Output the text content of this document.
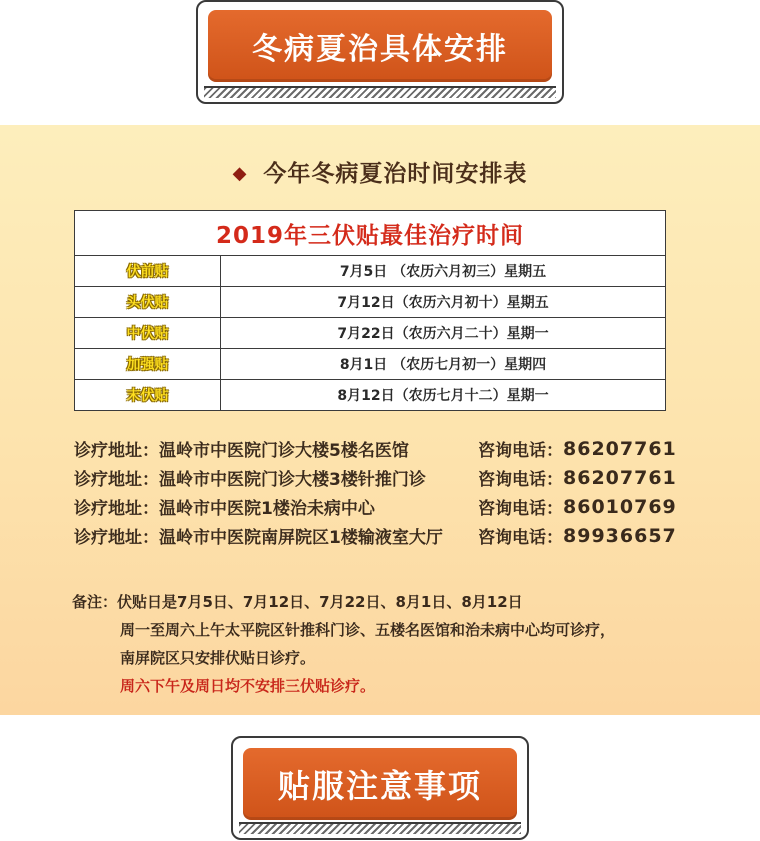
冬病夏治具体安排
◆ 今年冬病夏治时间安排表
2019年三伏贴最佳治疗时间	
伏前贴	7月5日 （农历六月初三）星期五
头伏贴	7月12日（农历六月初十）星期五
中伏贴	7月22日（农历六月二十）星期一
加强贴	8月1日 （农历七月初一）星期四
末伏贴	8月12日（农历七月十二）星期一
诊疗地址：温岭市中医院门诊大楼5楼名医馆	咨询电话： 86207761
诊疗地址：温岭市中医院门诊大楼3楼针推门诊	咨询电话： 86207761
诊疗地址：温岭市中医院1楼治未病中心	咨询电话： 86010769
诊疗地址：温岭市中医院南屏院区1楼输液室大厅	咨询电话： 89936657
备注：伏贴日是7月5日、7月12日、7月22日、8月1日、8月12日
周一至周六上午太平院区针推科门诊、五楼名医馆和治未病中心均可诊疗，
南屏院区只安排伏贴日诊疗。
周六下午及周日均不安排三伏贴诊疗。
贴服注意事项
